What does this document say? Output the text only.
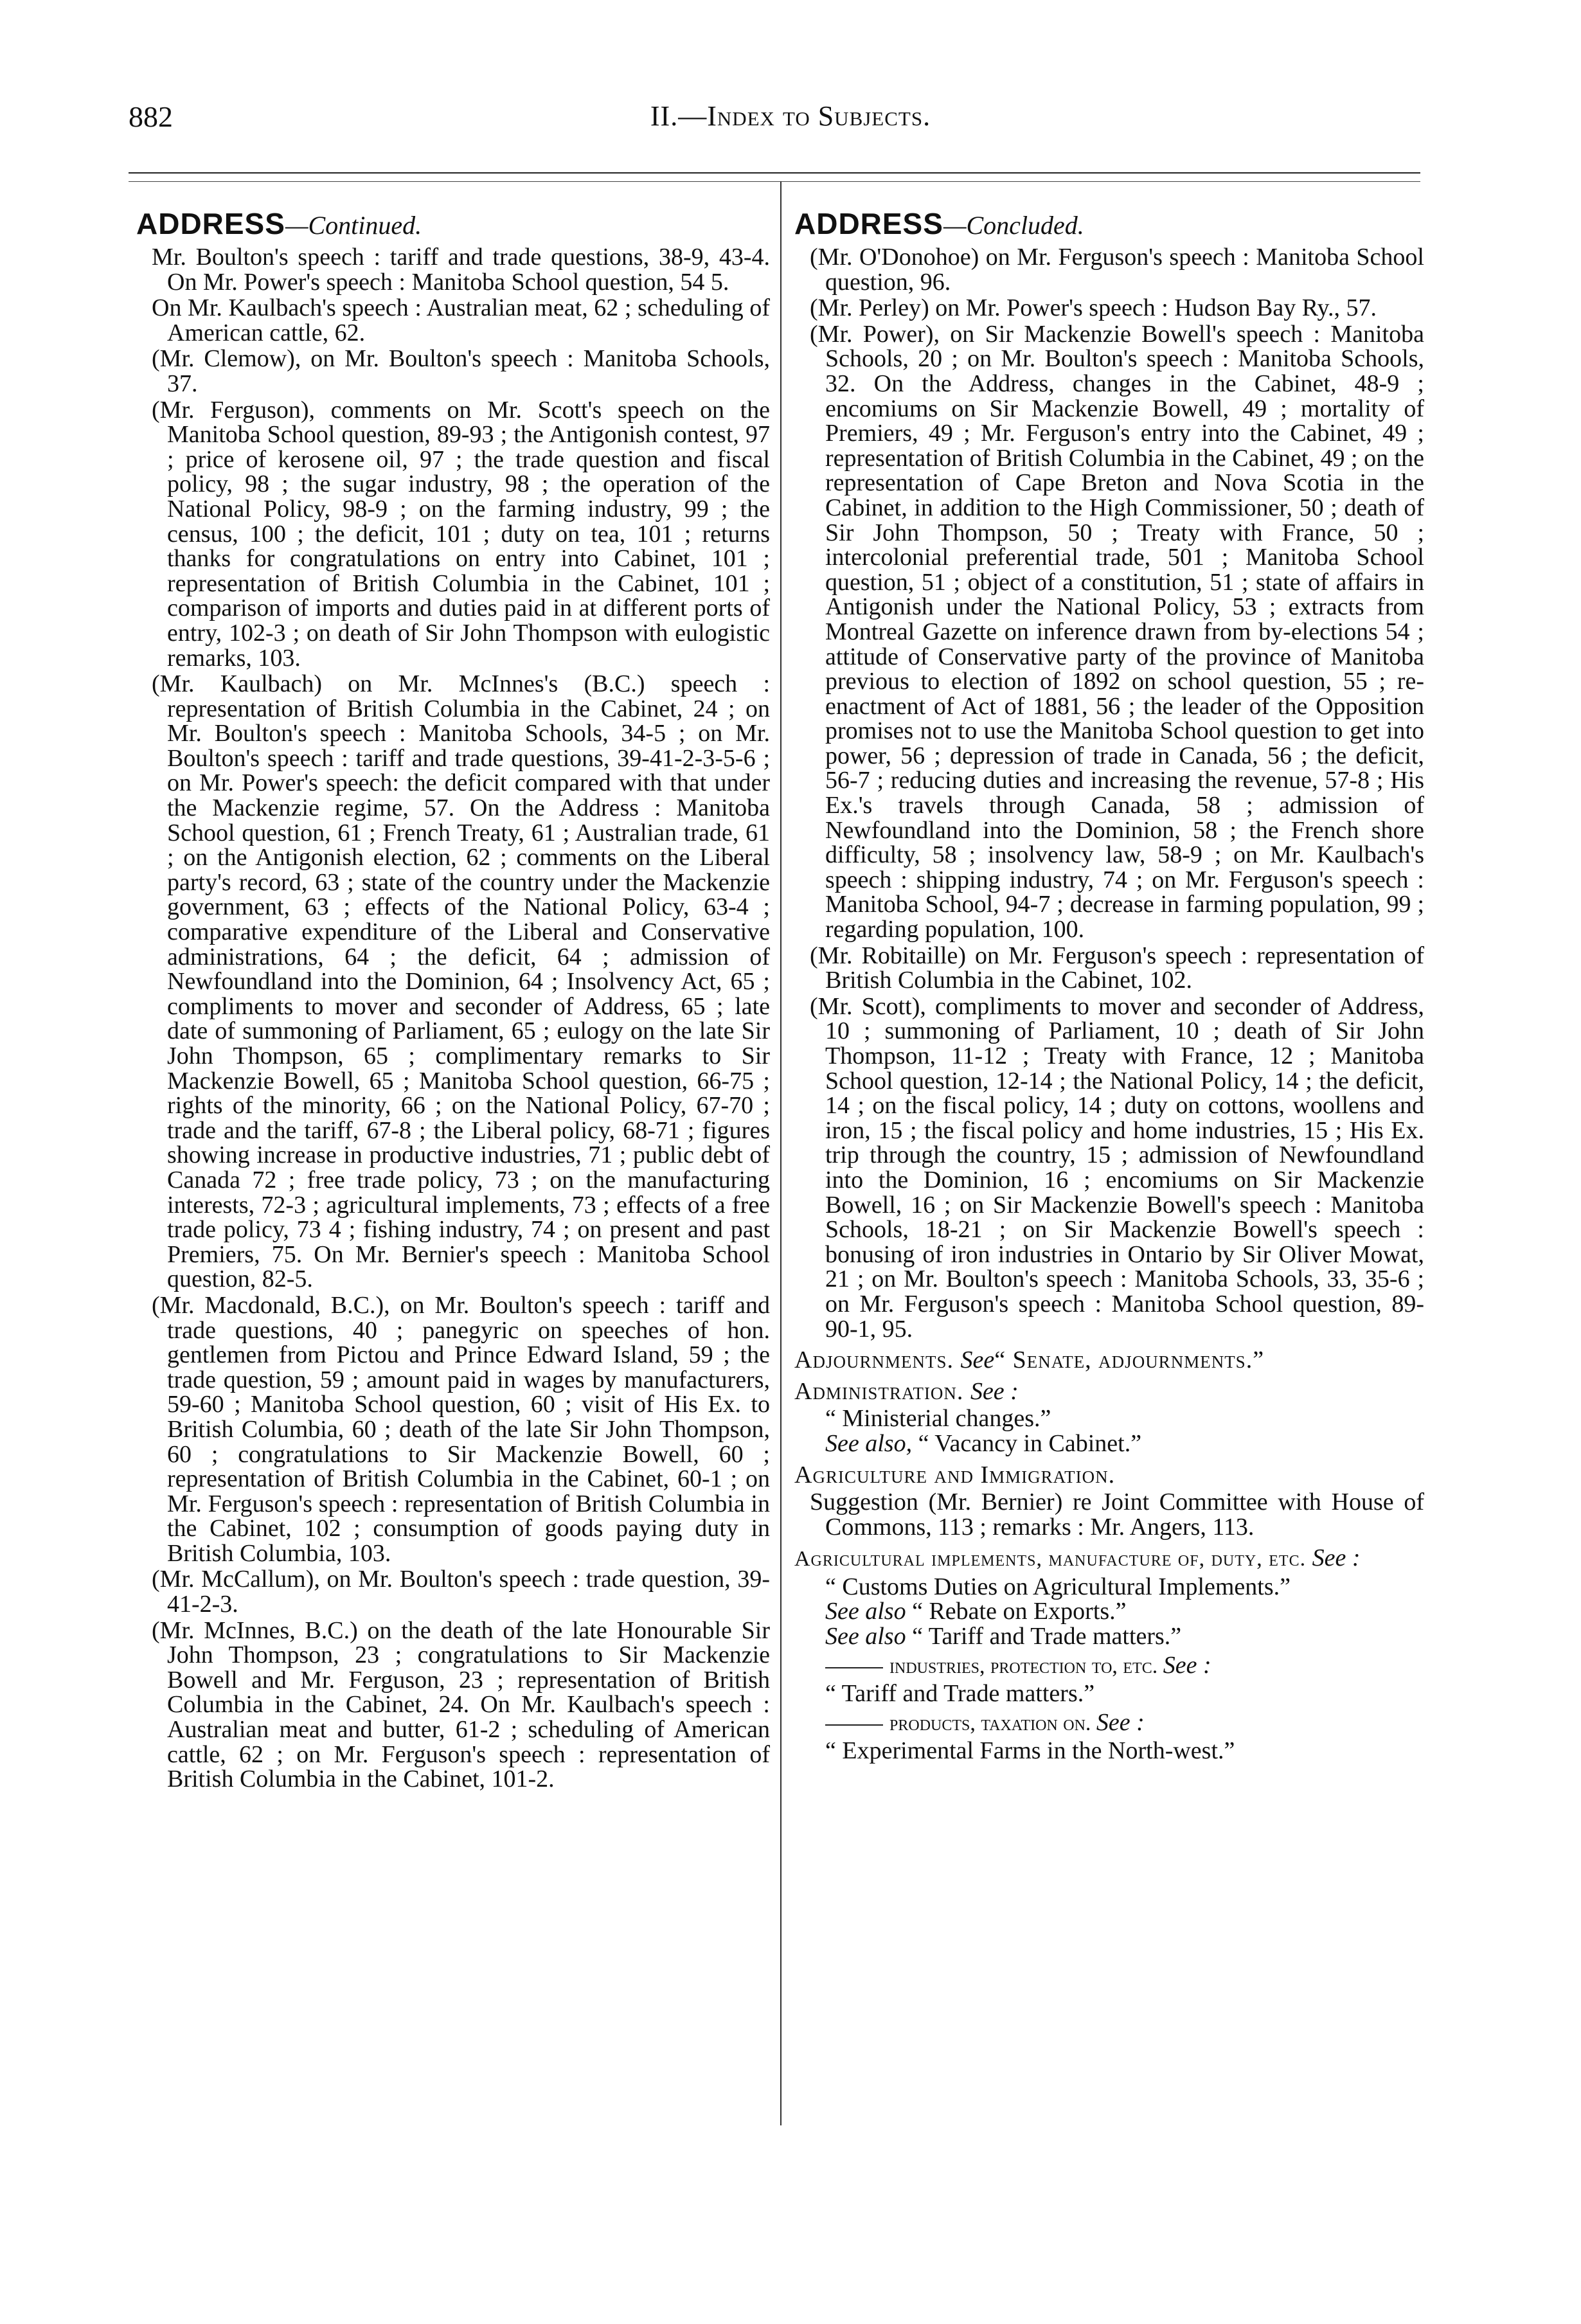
882	II.—Index to Subjects.
ADDRESS—Continued.

Mr. Boulton's speech : tariff and trade questions, 38-9, 43-4. On Mr. Power's speech : Manitoba School question, 54 5.

On Mr. Kaulbach's speech : Australian meat, 62 ; scheduling of American cattle, 62.

(Mr. Clemow), on Mr. Boulton's speech : Manitoba Schools, 37.

(Mr. Ferguson), comments on Mr. Scott's speech on the Manitoba School question, 89-93 ; the Antigonish contest, 97 ; price of kerosene oil, 97 ; the trade question and fiscal policy, 98 ; the sugar industry, 98 ; the operation of the National Policy, 98-9 ; on the farming industry, 99 ; the census, 100 ; the deficit, 101 ; duty on tea, 101 ; returns thanks for congratulations on entry into Cabinet, 101 ; representation of British Columbia in the Cabinet, 101 ; comparison of imports and duties paid in at different ports of entry, 102-3 ; on death of Sir John Thompson with eulogistic remarks, 103.

(Mr. Kaulbach) on Mr. McInnes's (B.C.) speech : representation of British Columbia in the Cabinet, 24 ; on Mr. Boulton's speech : Manitoba Schools, 34-5 ; on Mr. Boulton's speech : tariff and trade questions, 39-41-2-3-5-6 ; on Mr. Power's speech: the deficit compared with that under the Mackenzie regime, 57. On the Address : Manitoba School question, 61 ; French Treaty, 61 ; Australian trade, 61 ; on the Antigonish election, 62 ; comments on the Liberal party's record, 63 ; state of the country under the Mackenzie government, 63 ; effects of the National Policy, 63-4 ; comparative expenditure of the Liberal and Conservative administrations, 64 ; the deficit, 64 ; admission of Newfoundland into the Dominion, 64 ; Insolvency Act, 65 ; compliments to mover and seconder of Address, 65 ; late date of summoning of Parliament, 65 ; eulogy on the late Sir John Thompson, 65 ; complimentary remarks to Sir Mackenzie Bowell, 65 ; Manitoba School question, 66-75 ; rights of the minority, 66 ; on the National Policy, 67-70 ; trade and the tariff, 67-8 ; the Liberal policy, 68-71 ; figures showing increase in productive industries, 71 ; public debt of Canada 72 ; free trade policy, 73 ; on the manufacturing interests, 72-3 ; agricultural implements, 73 ; effects of a free trade policy, 73 4 ; fishing industry, 74 ; on present and past Premiers, 75. On Mr. Bernier's speech : Manitoba School question, 82-5.

(Mr. Macdonald, B.C.), on Mr. Boulton's speech : tariff and trade questions, 40 ; panegyric on speeches of hon. gentlemen from Pictou and Prince Edward Island, 59 ; the trade question, 59 ; amount paid in wages by manufacturers, 59-60 ; Manitoba School question, 60 ; visit of His Ex. to British Columbia, 60 ; death of the late Sir John Thompson, 60 ; congratulations to Sir Mackenzie Bowell, 60 ; representation of British Columbia in the Cabinet, 60-1 ; on Mr. Ferguson's speech : representation of British Columbia in the Cabinet, 102 ; consumption of goods paying duty in British Columbia, 103.

(Mr. McCallum), on Mr. Boulton's speech : trade question, 39-41-2-3.

(Mr. McInnes, B.C.) on the death of the late Honourable Sir John Thompson, 23 ; congratulations to Sir Mackenzie Bowell and Mr. Ferguson, 23 ; representation of British Columbia in the Cabinet, 24. On Mr. Kaulbach's speech : Australian meat and butter, 61-2 ; scheduling of American cattle, 62 ; on Mr. Ferguson's speech : representation of British Columbia in the Cabinet, 101-2.

ADDRESS—Concluded.

(Mr. O'Donohoe) on Mr. Ferguson's speech : Manitoba School question, 96.

(Mr. Perley) on Mr. Power's speech : Hudson Bay Ry., 57.

(Mr. Power), on Sir Mackenzie Bowell's speech : Manitoba Schools, 20 ; on Mr. Boulton's speech : Manitoba Schools, 32. On the Address, changes in the Cabinet, 48-9 ; encomiums on Sir Mackenzie Bowell, 49 ; mortality of Premiers, 49 ; Mr. Ferguson's entry into the Cabinet, 49 ; representation of British Columbia in the Cabinet, 49 ; on the representation of Cape Breton and Nova Scotia in the Cabinet, in addition to the High Commissioner, 50 ; death of Sir John Thompson, 50 ; Treaty with France, 50 ; intercolonial preferential trade, 501 ; Manitoba School question, 51 ; object of a constitution, 51 ; state of affairs in Antigonish under the National Policy, 53 ; extracts from Montreal Gazette on inference drawn from by-elections 54 ; attitude of Conservative party of the province of Manitoba previous to election of 1892 on school question, 55 ; re-enactment of Act of 1881, 56 ; the leader of the Opposition promises not to use the Manitoba School question to get into power, 56 ; depression of trade in Canada, 56 ; the deficit, 56-7 ; reducing duties and increasing the revenue, 57-8 ; His Ex.'s travels through Canada, 58 ; admission of Newfoundland into the Dominion, 58 ; the French shore difficulty, 58 ; insolvency law, 58-9 ; on Mr. Kaulbach's speech : shipping industry, 74 ; on Mr. Ferguson's speech : Manitoba School, 94-7 ; decrease in farming population, 99 ; regarding population, 100.

(Mr. Robitaille) on Mr. Ferguson's speech : representation of British Columbia in the Cabinet, 102.

(Mr. Scott), compliments to mover and seconder of Address, 10 ; summoning of Parliament, 10 ; death of Sir John Thompson, 11-12 ; Treaty with France, 12 ; Manitoba School question, 12-14 ; the National Policy, 14 ; the deficit, 14 ; on the fiscal policy, 14 ; duty on cottons, woollens and iron, 15 ; the fiscal policy and home industries, 15 ; His Ex. trip through the country, 15 ; admission of Newfoundland into the Dominion, 16 ; encomiums on Sir Mackenzie Bowell, 16 ; on Sir Mackenzie Bowell's speech : Manitoba Schools, 18-21 ; on Sir Mackenzie Bowell's speech : bonusing of iron industries in Ontario by Sir Oliver Mowat, 21 ; on Mr. Boulton's speech : Manitoba Schools, 33, 35-6 ; on Mr. Ferguson's speech : Manitoba School question, 89-90-1, 95.

Adjournments. See“ Senate, adjournments.”

Administration. See :

“ Ministerial changes.”

See also, “ Vacancy in Cabinet.”

Agriculture and Immigration.

Suggestion (Mr. Bernier) re Joint Committee with House of Commons, 113 ; remarks : Mr. Angers, 113.

Agricultural implements, manufacture of, duty, etc. See :

“ Customs Duties on Agricultural Implements.”

See also “ Rebate on Exports.”

See also “ Tariff and Trade matters.”

industries, protection to, etc. See :

“ Tariff and Trade matters.”

products, taxation on. See :

“ Experimental Farms in the North-west.”
